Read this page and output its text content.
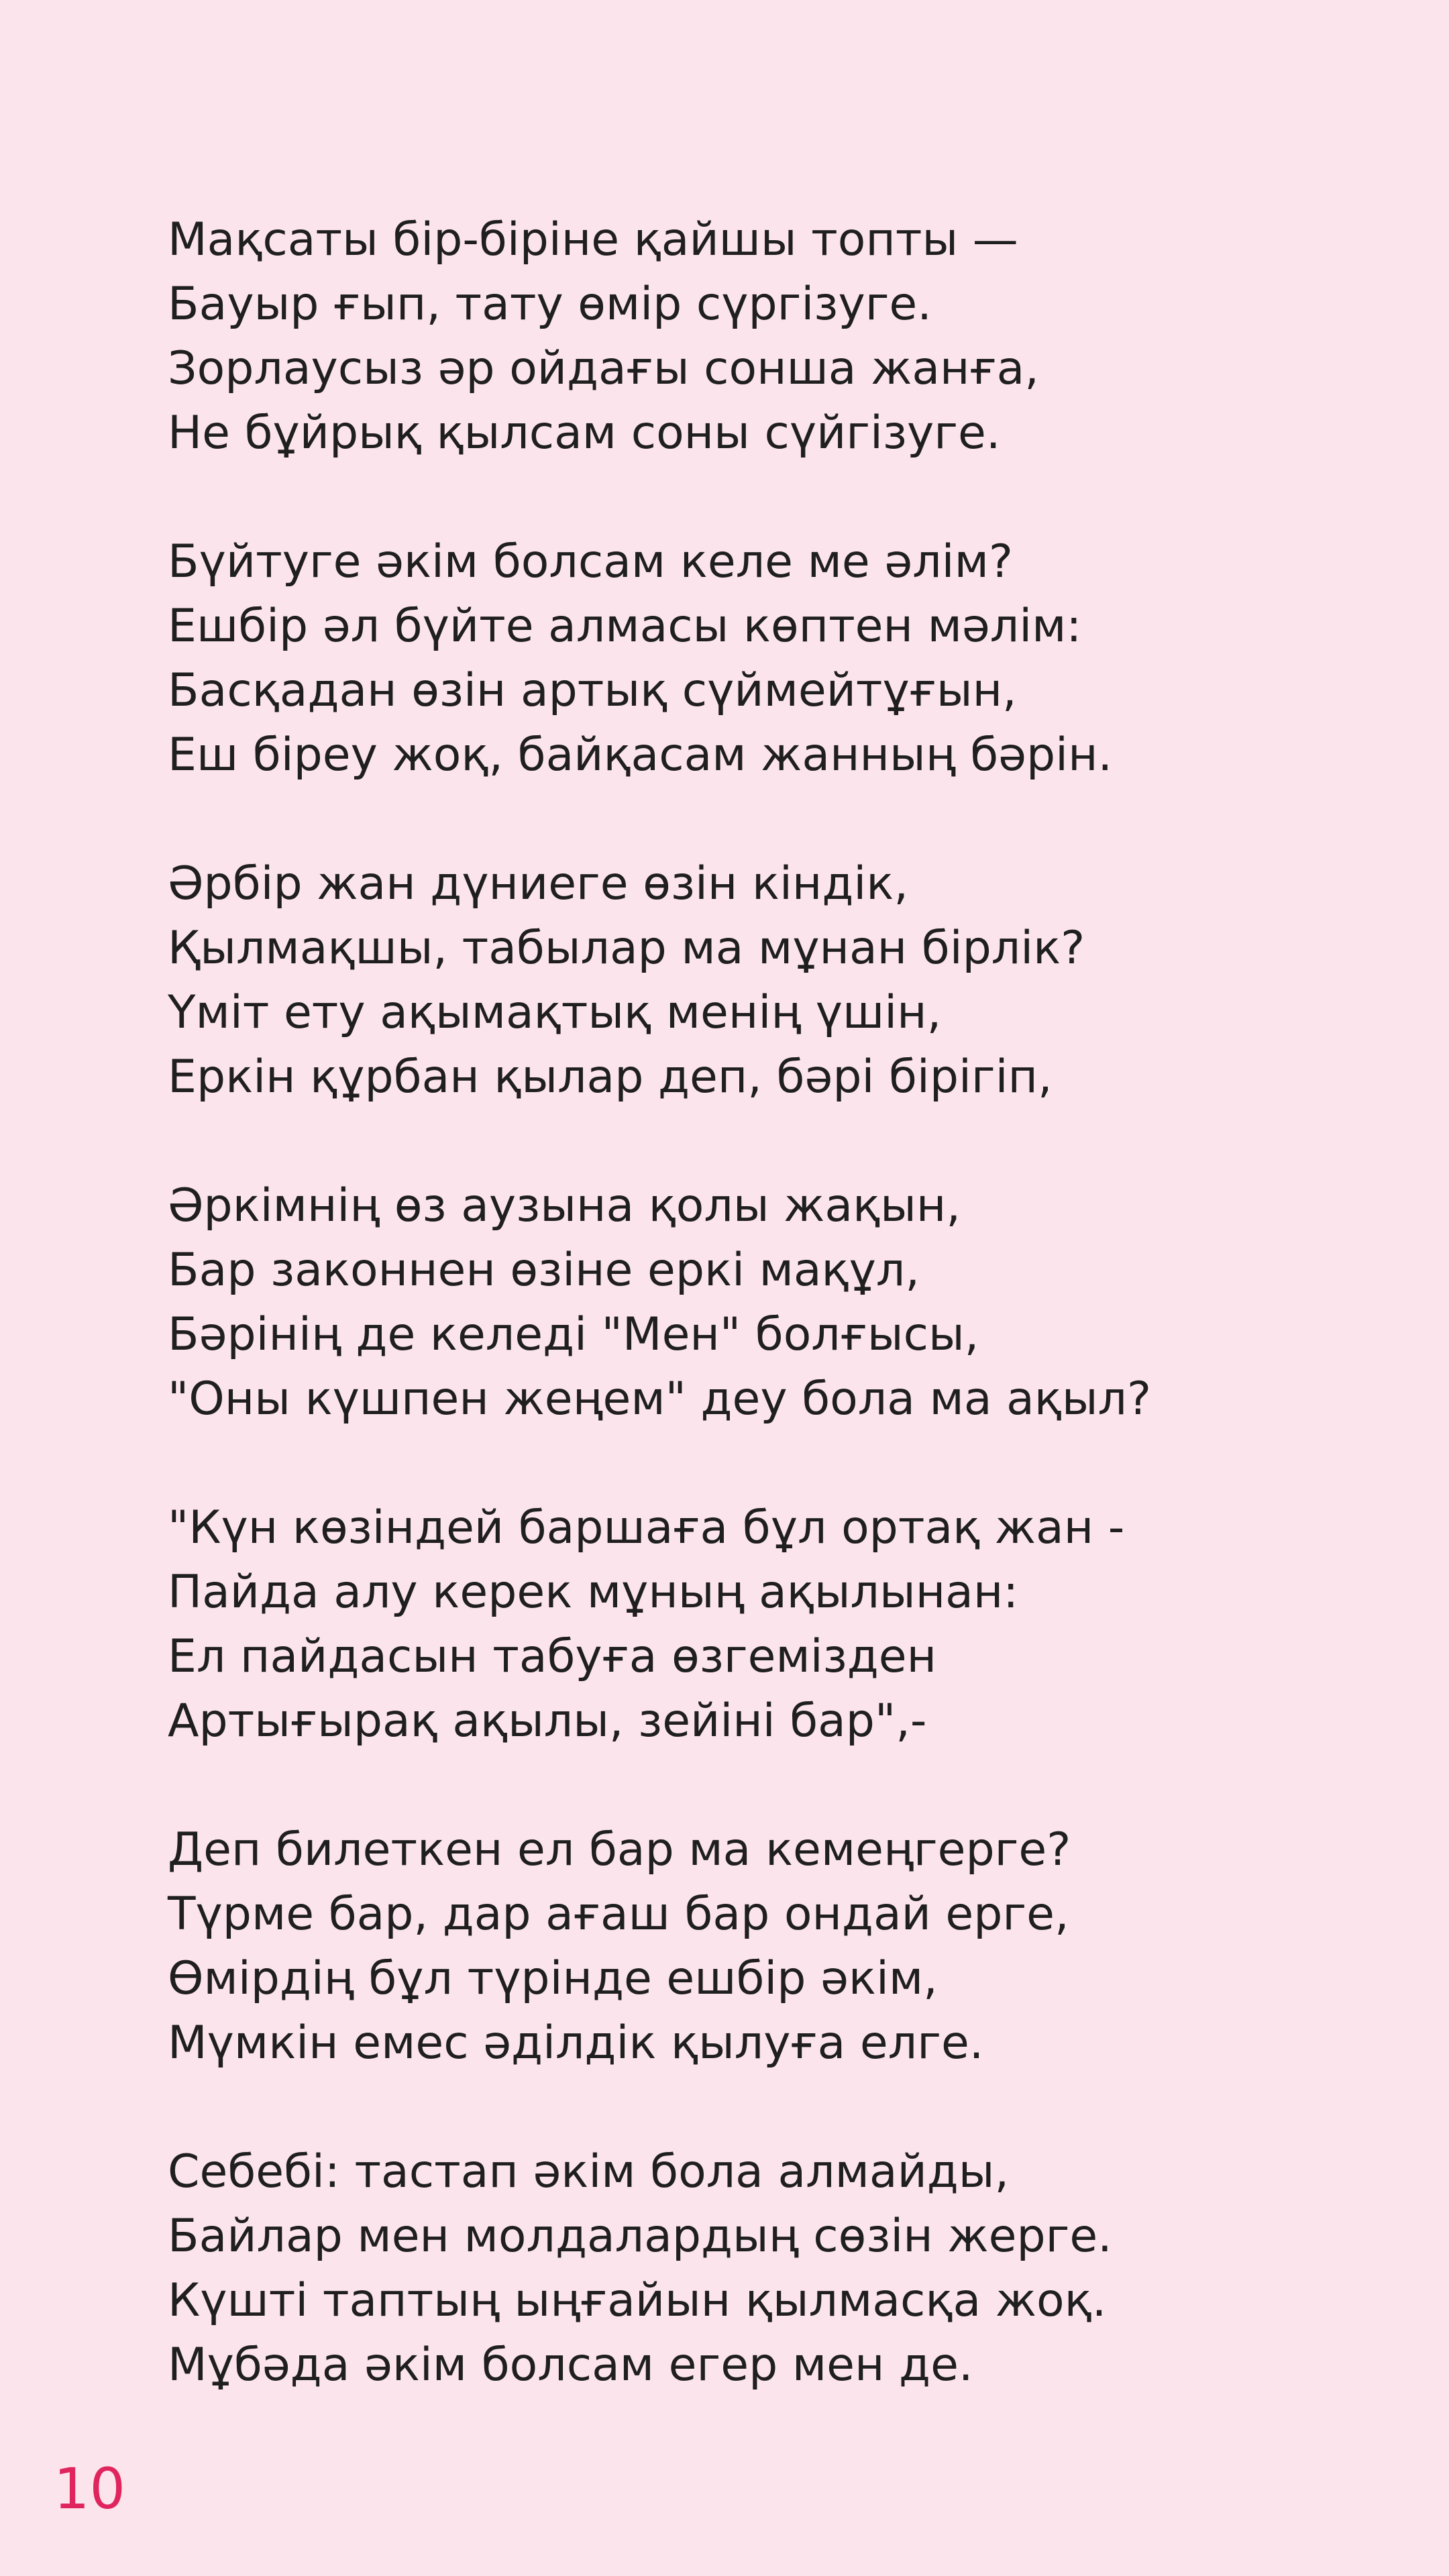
Мақсаты бір-біріне қайшы топты —
Бауыр ғып, тату өмір сүргізуге.
Зорлаусыз әр ойдағы сонша жанға,
Не бұйрық қылсам соны сүйгізуге.
Бүйтуге әкім болсам келе ме әлім?
Ешбір әл бүйте алмасы көптен мәлім:
Басқадан өзін артық сүймейтұғын,
Еш біреу жоқ, байқасам жанның бәрін.
Әрбір жан дүниеге өзін кіндік,
Қылмақшы, табылар ма мұнан бірлік?
Үміт ету ақымақтық менің үшін,
Еркін құрбан қылар деп, бәрі бірігіп,
Әркімнің өз аузына қолы жақын,
Бар законнен өзіне еркі мақұл,
Бәрінің де келеді "Мен" болғысы,
"Оны күшпен жеңем" деу бола ма ақыл?
"Күн көзіндей баршаға бұл ортақ жан -
Пайда алу керек мұның ақылынан:
Ел пайдасын табуға өзгемізден
Артығырақ ақылы, зейіні бар",-
Деп билеткен ел бар ма кемеңгерге?
Түрме бар, дар ағаш бар ондай ерге,
Өмірдің бұл түрінде ешбір әкім,
Мүмкін емес әділдік қылуға елге.
Себебі: тастап әкім бола алмайды,
Байлар мен молдалардың сөзін жерге.
Күшті таптың ыңғайын қылмасқа жоқ.
Мұбәда әкім болсам егер мен де.
10
